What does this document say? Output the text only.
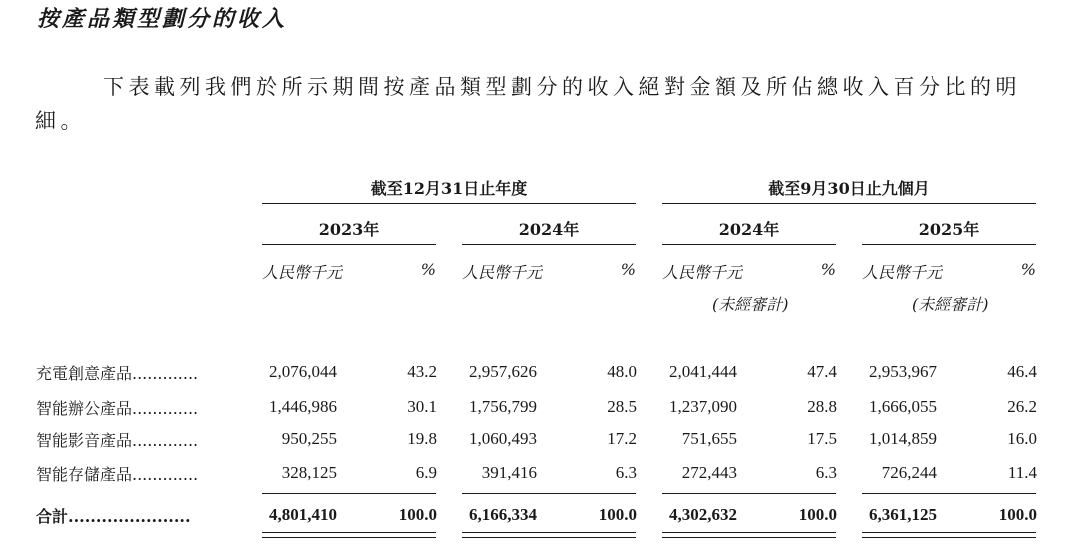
按產品類型劃分的收入
下表載列我們於所示期間按產品類型劃分的收入絕對金額及所佔總收入百分比的明細。
截至12月31日止年度	截至9月30日止九個月
2023年	2024年	2024年	2025年
人民幣千元	% 人民幣千元	% 人民幣千元	% 人民幣千元	%
(未經審計)	(未經審計)
充電創意產品.............	2,076,044	43.2 2,957,626	48.0 2,041,444	47.4 2,953,967	46.4
智能辦公產品.............	1,446,986	30.1 1,756,799	28.5 1,237,090	28.8 1,666,055	26.2
智能影音產品.............	950,255	19.8 1,060,493	17.2	751,655	17.5 1,014,859	16.0
智能存儲產品.............	328,125	6.9	391,416	6.3	272,443	6.3	726,244	11.4
合計......................	4,801,410	100.0 6,166,334	100.0 4,302,632	100.0 6,361,125	100.0
